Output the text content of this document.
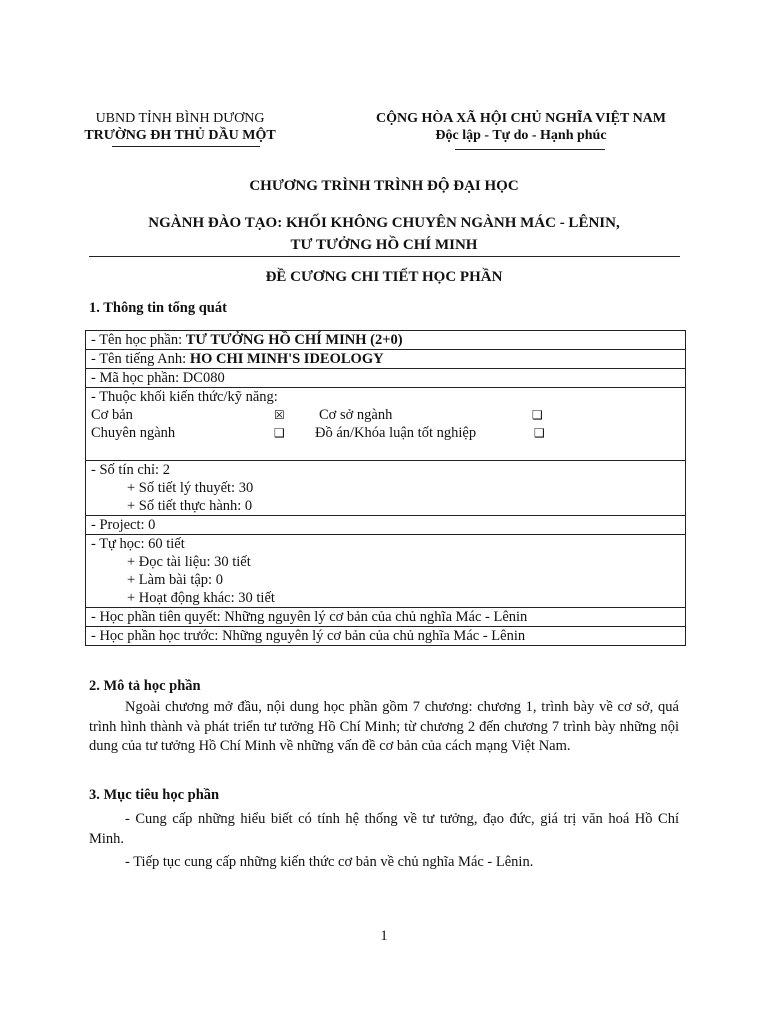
UBND TỈNH BÌNH DƯƠNG
TRƯỜNG ĐH THỦ DẦU MỘT
CỘNG HÒA XÃ HỘI CHỦ NGHĨA VIỆT NAM
Độc lập - Tự do - Hạnh phúc
CHƯƠNG TRÌNH TRÌNH ĐỘ ĐẠI HỌC
NGÀNH ĐÀO TẠO: KHỐI KHÔNG CHUYÊN NGÀNH MÁC - LÊNIN,
TƯ TƯỞNG HỒ CHÍ MINH
ĐỀ CƯƠNG CHI TIẾT HỌC PHẦN
1. Thông tin tổng quát
- Tên học phần: TƯ TƯỞNG HỒ CHÍ MINH (2+0)
- Tên tiếng Anh: HO CHI MINH'S IDEOLOGY
- Mã học phần: DC080

- Thuộc khối kiến thức/kỹ năng:
Cơ bản	☒ Cơ sở ngành	❑
Chuyên ngành	❑ Đồ án/Khóa luận tốt nghiệp	❑

- Số tín chỉ: 2
+ Số tiết lý thuyết: 30
+ Số tiết thực hành: 0

- Project: 0

- Tự học: 60 tiết
+ Đọc tài liệu: 30 tiết
+ Làm bài tập: 0
+ Hoạt động khác: 30 tiết

- Học phần tiên quyết: Những nguyên lý cơ bản của chủ nghĩa Mác - Lênin
- Học phần học trước: Những nguyên lý cơ bản của chủ nghĩa Mác - Lênin
2. Mô tả học phần
Ngoài chương mở đầu, nội dung học phần gồm 7 chương: chương 1, trình bày về cơ sở, quá trình hình thành và phát triển tư tưởng Hồ Chí Minh; từ chương 2 đến chương 7 trình bày những nội dung của tư tưởng Hồ Chí Minh về những vấn đề cơ bản của cách mạng Việt Nam.
3. Mục tiêu học phần
- Cung cấp những hiểu biết có tính hệ thống về tư tưởng, đạo đức, giá trị văn hoá Hồ Chí Minh.
- Tiếp tục cung cấp những kiến thức cơ bản về chủ nghĩa Mác - Lênin.
1
